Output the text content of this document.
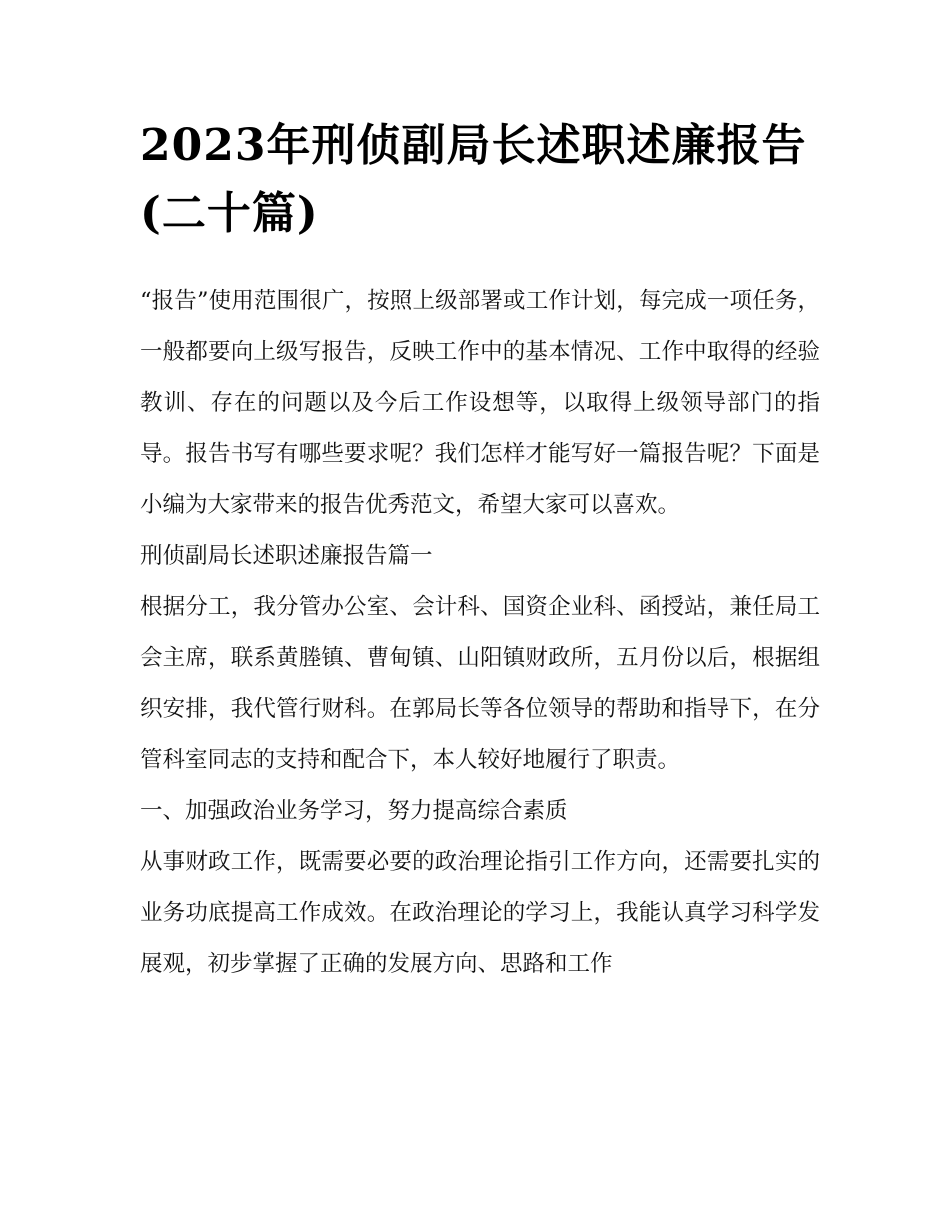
2023年刑侦副局长述职述廉报告(二十篇)

“报告”使用范围很广，按照上级部署或工作计划，每完成一项任务，一般都要向上级写报告，反映工作中的基本情况、工作中取得的经验教训、存在的问题以及今后工作设想等，以取得上级领导部门的指导。报告书写有哪些要求呢？我们怎样才能写好一篇报告呢？下面是小编为大家带来的报告优秀范文，希望大家可以喜欢。

刑侦副局长述职述廉报告篇一

根据分工，我分管办公室、会计科、国资企业科、函授站，兼任局工会主席，联系黄塍镇、曹甸镇、山阳镇财政所，五月份以后，根据组织安排，我代管行财科。在郭局长等各位领导的帮助和指导下，在分管科室同志的支持和配合下，本人较好地履行了职责。

一、加强政治业务学习，努力提高综合素质

从事财政工作，既需要必要的政治理论指引工作方向，还需要扎实的业务功底提高工作成效。在政治理论的学习上，我能认真学习科学发展观，初步掌握了正确的发展方向、思路和工作
